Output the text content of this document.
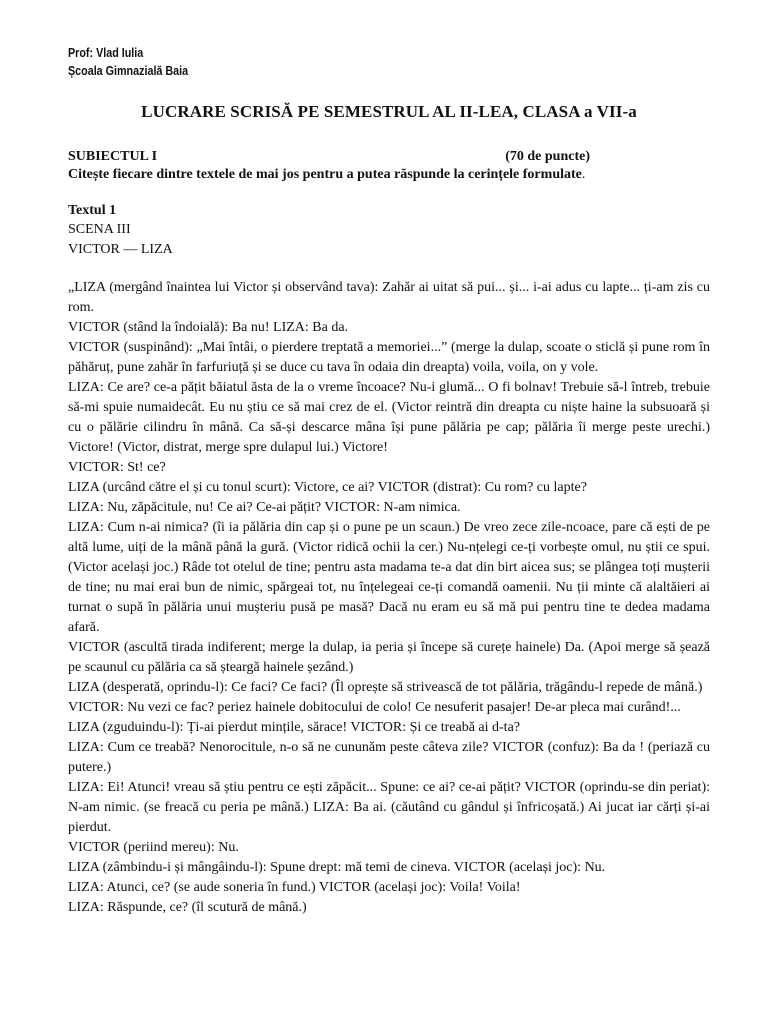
Prof: Vlad Iulia
Școala Gimnazială Baia
LUCRARE SCRISĂ PE SEMESTRUL AL II-LEA, CLASA a VII-a
SUBIECTUL I	(70 de puncte)
Citește fiecare dintre textele de mai jos pentru a putea răspunde la cerințele formulate.
Textul 1
SCENA III
VICTOR — LIZA

„LIZA (mergând înaintea lui Victor și observând tava): Zahăr ai uitat să pui... și... i-ai adus cu lapte... ți-am zis cu rom.

VICTOR (stând la îndoială): Ba nu! LIZA: Ba da.

VICTOR (suspinând): „Mai întâi, o pierdere treptată a memoriei...” (merge la dulap, scoate o sticlă și pune rom în păhăruț, pune zahăr în farfuriuță și se duce cu tava în odaia din dreapta) voila, voila, on y vole.

LIZA: Ce are? ce-a pățit băiatul ăsta de la o vreme încoace? Nu-i glumă... O fi bolnav! Trebuie să-l întreb, trebuie să-mi spuie numaidecât. Eu nu știu ce să mai crez de el. (Victor reintră din dreapta cu niște haine la subsuoară și cu o pălărie cilindru în mână. Ca să-și descarce mâna își pune pălăria pe cap; pălăria îi merge peste urechi.) Victore! (Victor, distrat, merge spre dulapul lui.) Victore!

VICTOR: St! ce?

LIZA (urcând către el și cu tonul scurt): Victore, ce ai? VICTOR (distrat): Cu rom? cu lapte?

LIZA: Nu, zăpăcitule, nu! Ce ai? Ce-ai pățit? VICTOR: N-am nimica.

LIZA: Cum n-ai nimica? (îi ia pălăria din cap și o pune pe un scaun.) De vreo zece zile-ncoace, pare că ești de pe altă lume, uiți de la mână până la gură. (Victor ridică ochii la cer.) Nu-nțelegi ce-ți vorbește omul, nu știi ce spui. (Victor același joc.) Râde tot otelul de tine; pentru asta madama te-a dat din birt aicea sus; se plângea toți mușterii de tine; nu mai erai bun de nimic, spărgeai tot, nu înțelegeai ce-ți comandă oamenii. Nu ții minte că alaltăieri ai turnat o supă în pălăria unui mușteriu pusă pe masă? Dacă nu eram eu să mă pui pentru tine te dedea madama afară.

VICTOR (ascultă tirada indiferent; merge la dulap, ia peria și începe să curețe hainele) Da. (Apoi merge să șează pe scaunul cu pălăria ca să șteargă hainele șezând.)

LIZA (desperată, oprindu-l): Ce faci? Ce faci? (Îl oprește să strivească de tot pălăria, trăgându-l repede de mână.)

VICTOR: Nu vezi ce fac? periez hainele dobitocului de colo! Ce nesuferit pasajer! De-ar pleca mai curând!...

LIZA (zguduindu-l): Ți-ai pierdut mințile, sărace! VICTOR: Și ce treabă ai d-ta?

LIZA: Cum ce treabă? Nenorocitule, n-o să ne cununăm peste câteva zile? VICTOR (confuz): Ba da ! (periază cu putere.)

LIZA: Ei! Atunci! vreau să știu pentru ce ești zăpăcit... Spune: ce ai? ce-ai pățit? VICTOR (oprindu-se din periat): N-am nimic. (se freacă cu peria pe mână.) LIZA: Ba ai. (căutând cu gândul și înfricoșată.) Ai jucat iar cărți și-ai pierdut.

VICTOR (periind mereu): Nu.

LIZA (zâmbindu-i și mângâindu-l): Spune drept: mă temi de cineva. VICTOR (același joc): Nu.

LIZA: Atunci, ce? (se aude soneria în fund.) VICTOR (același joc): Voila! Voila!

LIZA: Răspunde, ce? (îl scutură de mână.)
